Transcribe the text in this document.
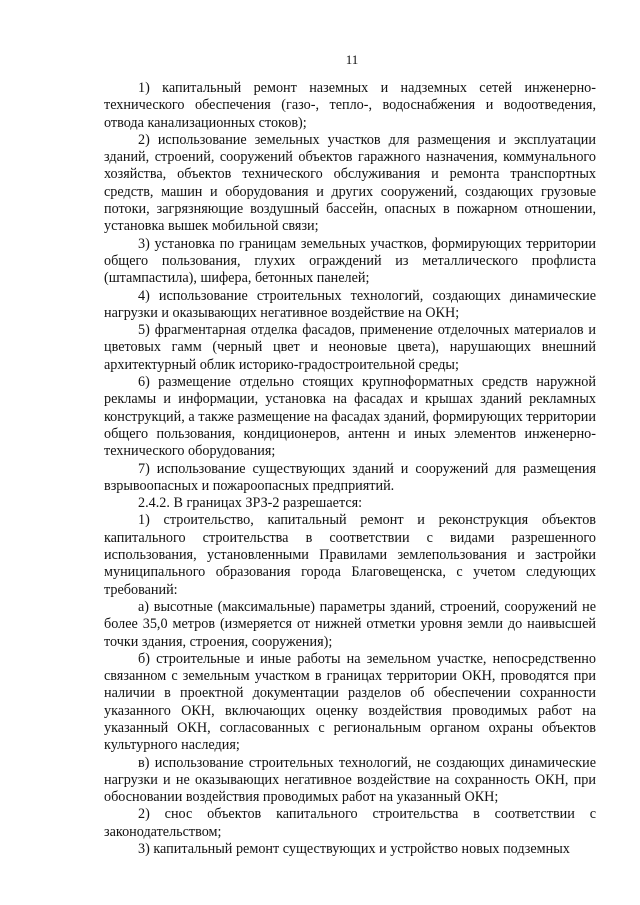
11

1) капитальный ремонт наземных и надземных сетей инженерно-технического обеспечения (газо-, тепло-, водоснабжения и водоотведения, отвода канализационных стоков);

2) использование земельных участков для размещения и эксплуатации зданий, строений, сооружений объектов гаражного назначения, коммунального хозяйства, объектов технического обслуживания и ремонта транспортных средств, машин и оборудования и других сооружений, создающих грузовые потоки, загрязняющие воздушный бассейн, опасных в пожарном отношении, установка вышек мобильной связи;

3) установка по границам земельных участков, формирующих территории общего пользования, глухих ограждений из металлического профлиста (штампастила), шифера, бетонных панелей;

4) использование строительных технологий, создающих динамические нагрузки и оказывающих негативное воздействие на ОКН;

5) фрагментарная отделка фасадов, применение отделочных материалов и цветовых гамм (черный цвет и неоновые цвета), нарушающих внешний архитектурный облик историко-градостроительной среды;

6) размещение отдельно стоящих крупноформатных средств наружной рекламы и информации, установка на фасадах и крышах зданий рекламных конструкций, а также размещение на фасадах зданий, формирующих территории общего пользования, кондиционеров, антенн и иных элементов инженерно-технического оборудования;

7) использование существующих зданий и сооружений для размещения взрывоопасных и пожароопасных предприятий.

2.4.2. В границах ЗРЗ-2 разрешается:

1) строительство, капитальный ремонт и реконструкция объектов капитального строительства в соответствии с видами разрешенного использования, установленными Правилами землепользования и застройки муниципального образования города Благовещенска, с учетом следующих требований:

а) высотные (максимальные) параметры зданий, строений, сооружений не более 35,0 метров (измеряется от нижней отметки уровня земли до наивысшей точки здания, строения, сооружения);

б) строительные и иные работы на земельном участке, непосредственно связанном с земельным участком в границах территории ОКН, проводятся при наличии в проектной документации разделов об обеспечении сохранности указанного ОКН, включающих оценку воздействия проводимых работ на указанный ОКН, согласованных с региональным органом охраны объектов культурного наследия;

в) использование строительных технологий, не создающих динамические нагрузки и не оказывающих негативное воздействие на сохранность ОКН, при обосновании воздействия проводимых работ на указанный ОКН;

2) снос объектов капитального строительства в соответствии с законодательством;

3) капитальный ремонт существующих и устройство новых подземных
